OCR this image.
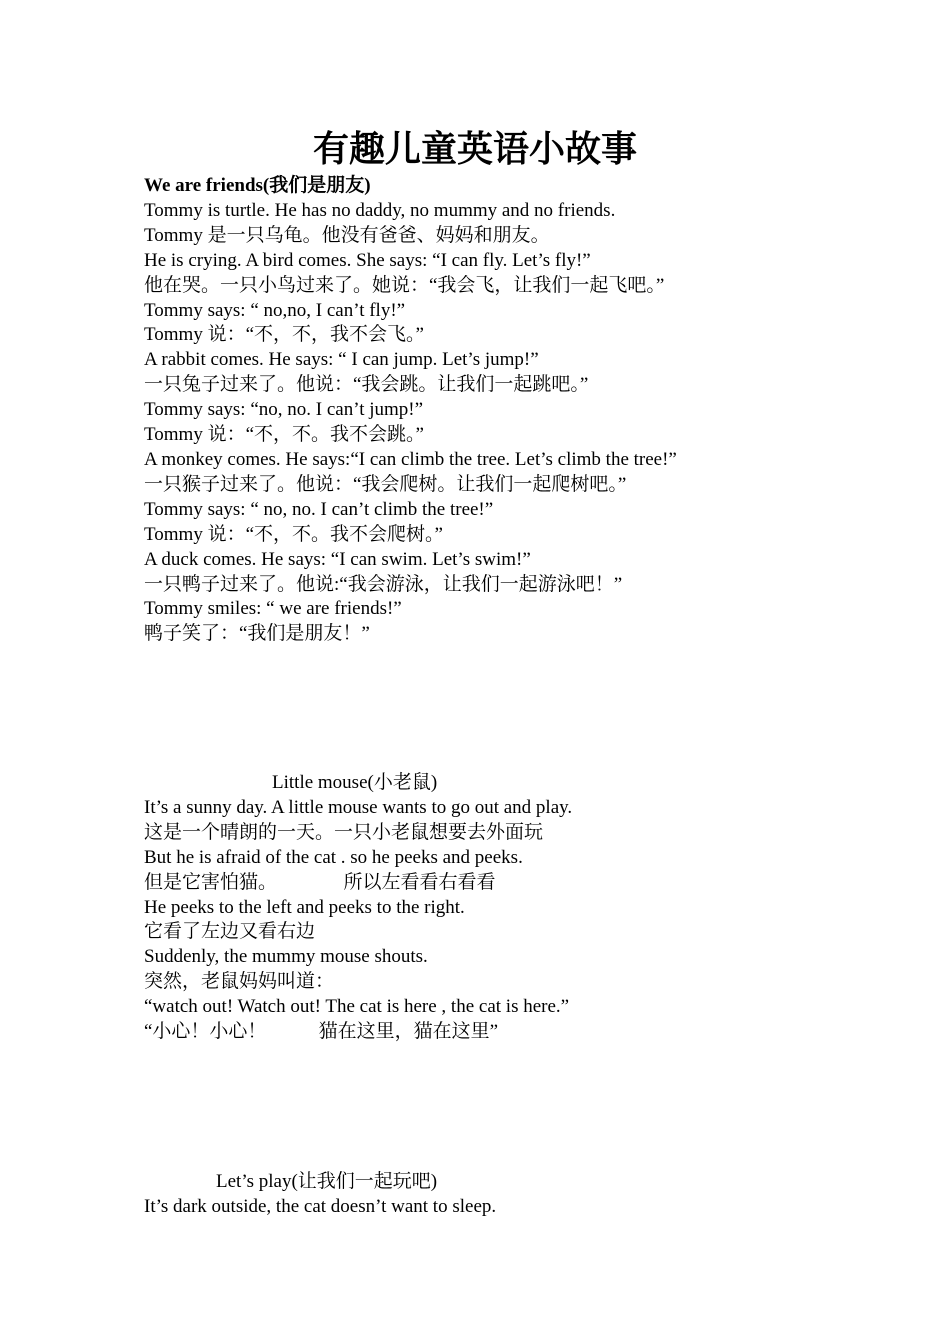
有趣儿童英语小故事
We are friends(我们是朋友)
Tommy is turtle. He has no daddy, no mummy and no friends.
Tommy 是一只乌龟。他没有爸爸、妈妈和朋友。
He is crying. A bird comes. She says: “I can fly. Let’s fly!”
他在哭。一只小鸟过来了。她说：“我会飞，让我们一起飞吧。”
Tommy says: “ no,no, I can’t fly!”
Tommy 说：“不，不，我不会飞。”
A rabbit comes. He says: “ I can jump. Let’s jump!”
一只兔子过来了。他说：“我会跳。让我们一起跳吧。”
Tommy says: “no, no. I can’t jump!”
Tommy 说：“不，不。我不会跳。”
A monkey comes. He says:“I can climb the tree. Let’s climb the tree!”
一只猴子过来了。他说：“我会爬树。让我们一起爬树吧。”
Tommy says: “ no, no. I can’t climb the tree!”
Tommy 说：“不，不。我不会爬树。”
A duck comes. He says: “I can swim. Let’s swim!”
一只鸭子过来了。他说:“我会游泳，让我们一起游泳吧！”
Tommy smiles: “ we are friends!”
鸭子笑了：“我们是朋友！”
Little mouse(小老鼠)
It’s a sunny day. A little mouse wants to go out and play.
这是一个晴朗的一天。一只小老鼠想要去外面玩
But he is afraid of the cat . so he peeks and peeks.
但是它害怕猫。              所以左看看右看看
He peeks to the left and peeks to the right.
它看了左边又看右边
Suddenly, the mummy mouse shouts.
突然，老鼠妈妈叫道：
“watch out! Watch out! The cat is here , the cat is here.”
“小心！小心！           猫在这里，猫在这里”
Let’s play(让我们一起玩吧)
It’s dark outside, the cat doesn’t want to sleep.
